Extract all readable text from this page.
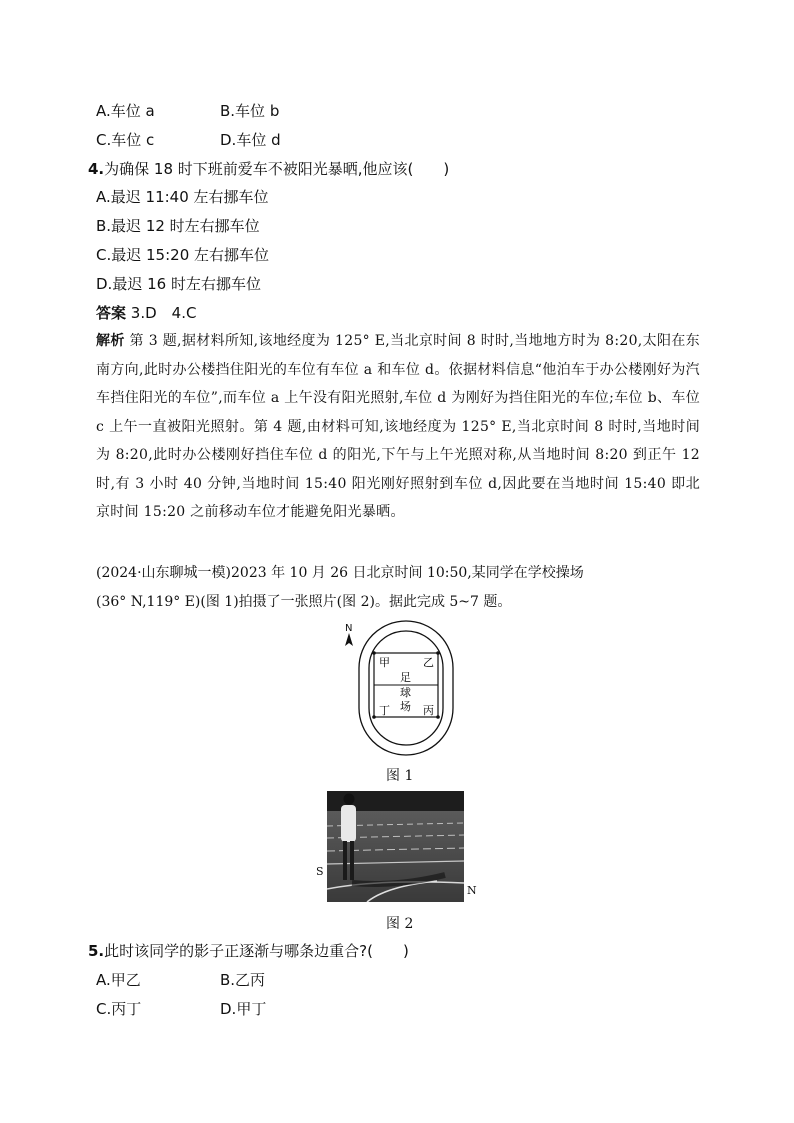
A.车位 a	B.车位 b
C.车位 c	D.车位 d
4.为确保 18 时下班前爱车不被阳光暴晒,他应该(　　)
A.最迟 11:40 左右挪车位
B.最迟 12 时左右挪车位
C.最迟 15:20 左右挪车位
D.最迟 16 时左右挪车位
答案 3.D　4.C

解析 第 3 题,据材料所知,该地经度为 125° E,当北京时间 8 时时,当地地方时为 8:20,太阳在东南方向,此时办公楼挡住阳光的车位有车位 a 和车位 d。依据材料信息“他泊车于办公楼刚好为汽车挡住阳光的车位”,而车位 a 上午没有阳光照射,车位 d 为刚好为挡住阳光的车位;车位 b、车位 c 上午一直被阳光照射。第 4 题,由材料可知,该地经度为 125° E,当北京时间 8 时时,当地时间为 8:20,此时办公楼刚好挡住车位 d 的阳光,下午与上午光照对称,从当地时间 8:20 到正午 12 时,有 3 小时 40 分钟,当地时间 15:40 阳光刚好照射到车位 d,因此要在当地时间 15:40 即北京时间 15:20 之前移动车位才能避免阳光暴晒。

(2024·山东聊城一模)2023 年 10 月 26 日北京时间 10:50,某同学在学校操场
(36° N,119° E)(图 1)拍摄了一张照片(图 2)。据此完成 5~7 题。
N
甲	乙
丙
丁
足
球
场
图 1
S
N
图 2
5.此时该同学的影子正逐渐与哪条边重合?(　　)
A.甲乙	B.乙丙
C.丙丁	D.甲丁
